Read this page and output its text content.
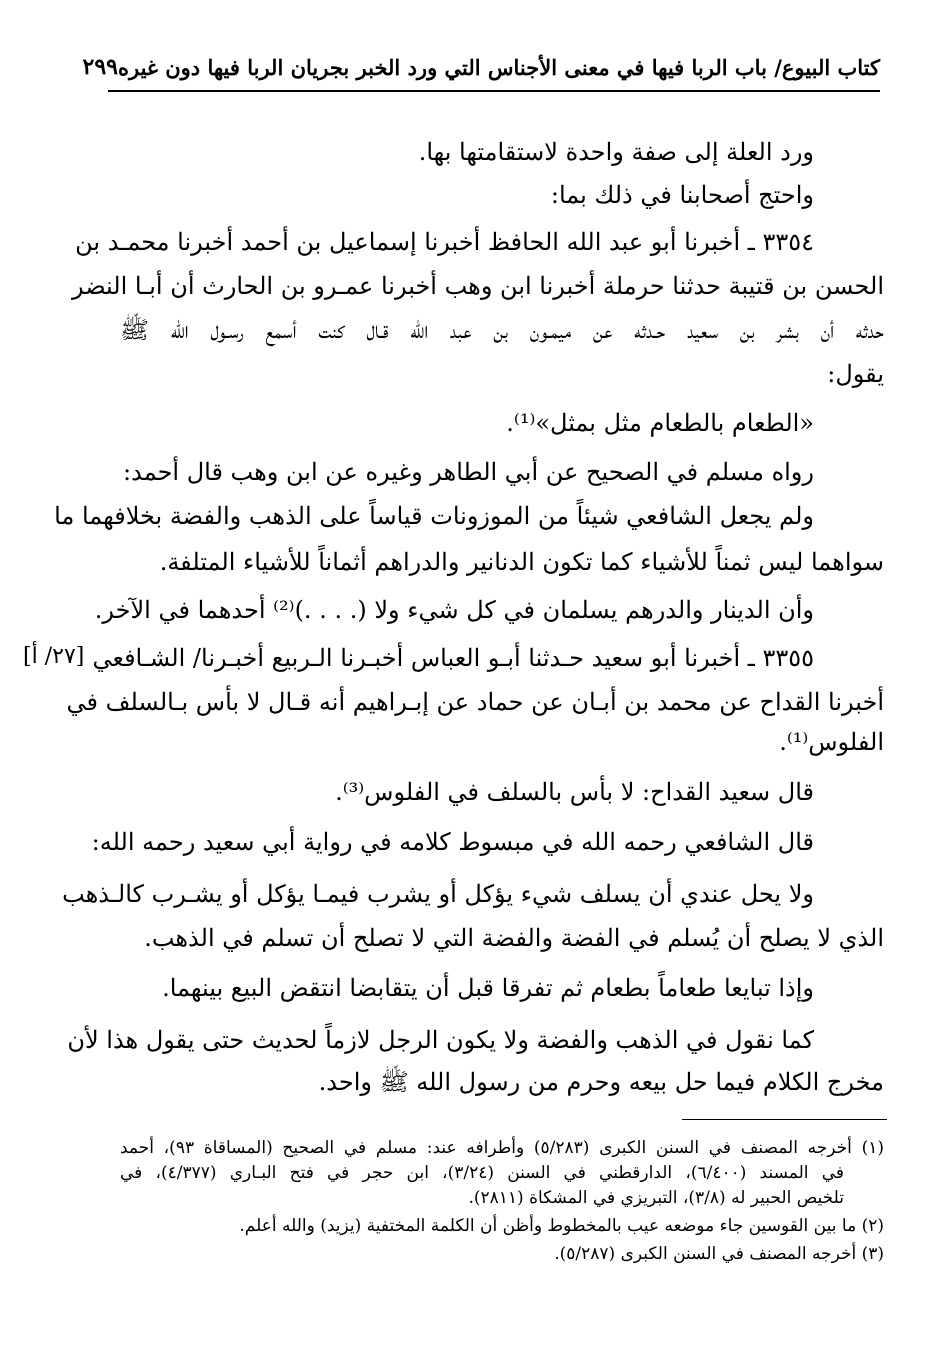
كتاب البيوع/ باب الربا فيها في معنى الأجناس التي ورد الخبر بجريان الربا فيها دون غيره
٢٩٩
ورد العلة إلى صفة واحدة لاستقامتها بها.
واحتج أصحابنا في ذلك بما:
٣٣٥٤ ـ أخبرنا أبو عبد الله الحافظ أخبرنا إسماعيل بن أحمد أخبرنا محمـد بن
الحسن بن قتيبة حدثنا حرملة أخبرنا ابن وهب أخبرنا عمـرو بن الحارث أن أبـا النضر
حدثه أن بشر بن سعيد حـدثه عن ميمـون بن عبد الله قـال كنت أسمع رسـول الله ﷺ
يقول:
«الطعام بالطعام مثل بمثل»⁽¹⁾.
رواه مسلم في الصحيح عن أبي الطاهر وغيره عن ابن وهب قال أحمد:
ولم يجعل الشافعي شيئاً من الموزونات قياساً على الذهب والفضة بخلافهما ما
سواهما ليس ثمناً للأشياء كما تكون الدنانير والدراهم أثماناً للأشياء المتلفة.
وأن الدينار والدرهم يسلمان في كل شيء ولا (. . . .)⁽²⁾ أحدهما في الآخر.
٣٣٥٥ ـ أخبرنا أبو سعيد حـدثنا أبـو العباس أخبـرنا الـربيع أخبـرنا/ الشـافعي
[٢٧/ أ]
أخبرنا القداح عن محمد بن أبـان عن حماد عن إبـراهيم أنه قـال لا بأس بـالسلف في
الفلوس⁽¹⁾.
قال سعيد القداح: لا بأس بالسلف في الفلوس⁽³⁾.
قال الشافعي رحمه الله في مبسوط كلامه في رواية أبي سعيد رحمه الله:
ولا يحل عندي أن يسلف شيء يؤكل أو يشرب فيمـا يؤكل أو يشـرب كالـذهب
الذي لا يصلح أن يُسلم في الفضة والفضة التي لا تصلح أن تسلم في الذهب.
وإذا تبايعا طعاماً بطعام ثم تفرقا قبل أن يتقابضا انتقض البيع بينهما.
كما نقول في الذهب والفضة ولا يكون الرجل لازماً لحديث حتى يقول هذا لأن
مخرج الكلام فيما حل بيعه وحرم من رسول الله ﷺ واحد.
(١) أخرجه المصنف في السنن الكبرى (٥/٢٨٣) وأطرافه عند: مسلم في الصحيح (المساقاة ٩٣)، أحمد
في المسند (٦/٤٠٠)، الدارقطني في السنن (٣/٢٤)، ابن حجر في فتح البـاري (٤/٣٧٧)، في
تلخيص الحبير له (٣/٨)، التبريزي في المشكاة (٢٨١١).
(٢) ما بين القوسين جاء موضعه عيب بالمخطوط وأظن أن الكلمة المختفية (يزيد) والله أعلم.
(٣) أخرجه المصنف في السنن الكبرى (٥/٢٨٧).
